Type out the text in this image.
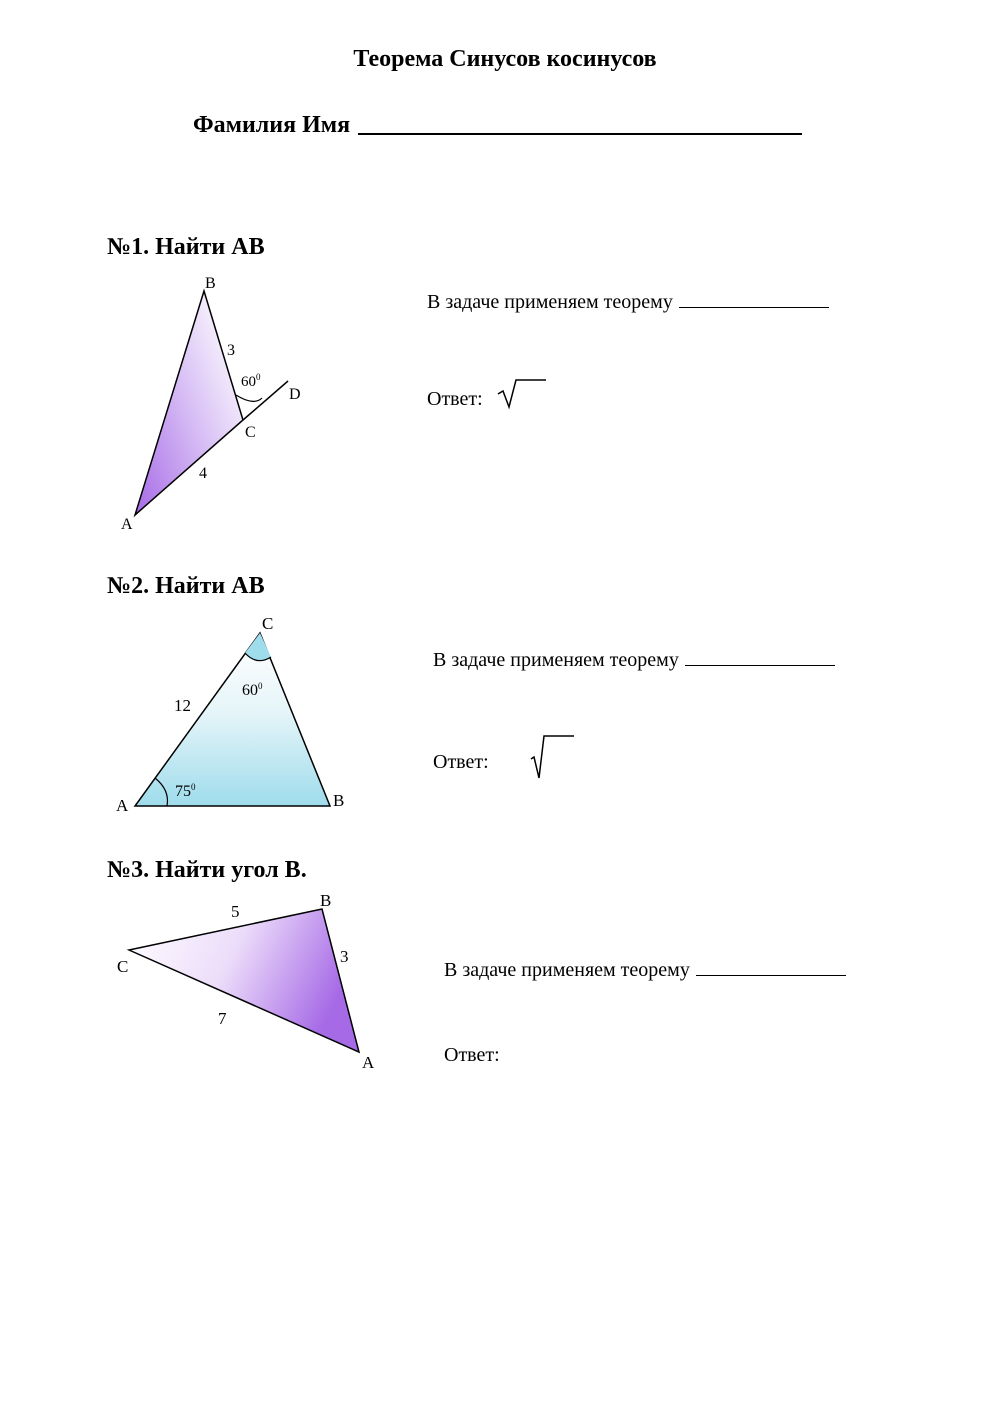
Теорема Синусов косинусов
Фамилия Имя
№1. Найти АВ
B
3
$60^0$
D
C
4
A
В задаче применяем теорему
Ответ:
№2. Найти АВ
C
$60^0$
12
$75^0$
A	B
В задаче применяем теорему
Ответ:
№3. Найти угол В.
B
5
3
C
7
A
В задаче применяем теорему
Ответ:
